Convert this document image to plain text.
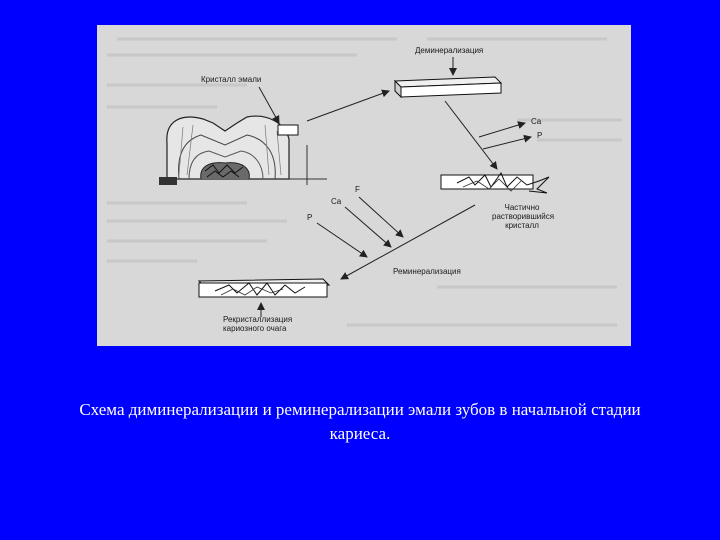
Деминерализация
Кристалл эмали
Ca
P
Частично растворившийся кристалл
F
Ca
P
Реминерализация
Рекристаллизация кариозного очага
Схема диминерализации и реминерализации эмали зубов в начальной стадии кариеса.
